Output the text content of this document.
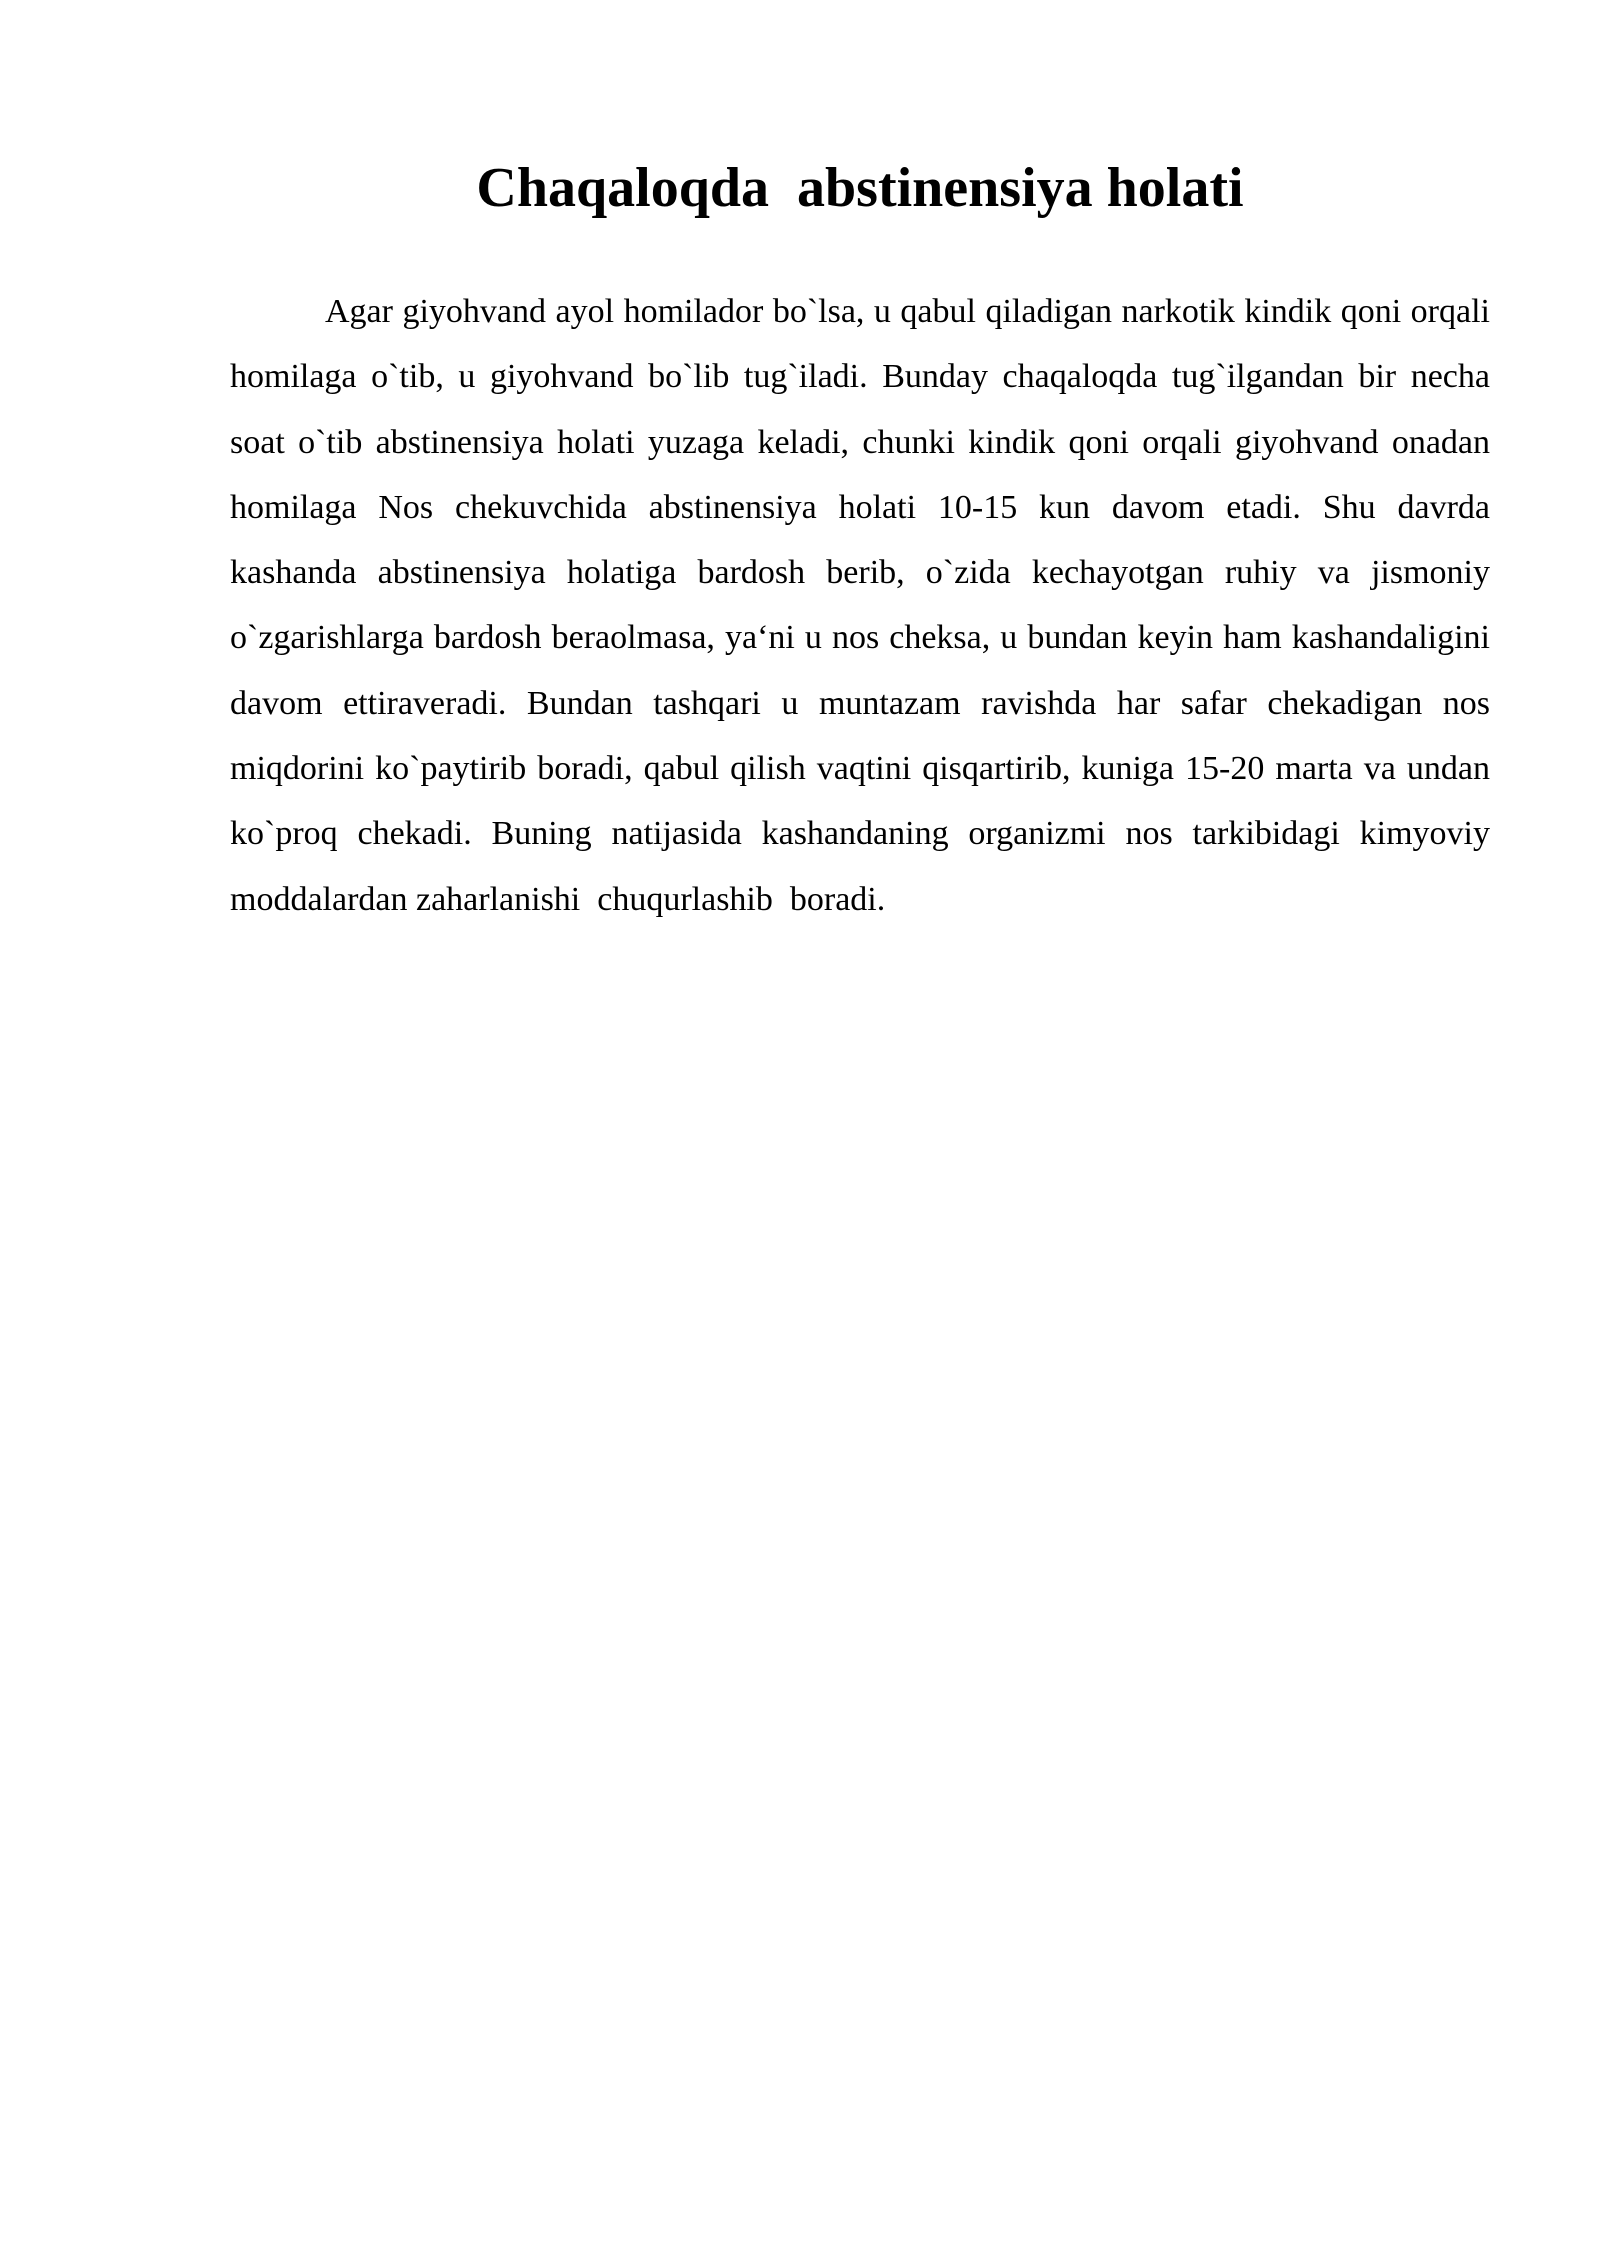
Chaqaloqda  abstinensiya holati

Agar giyohvand ayol homilador bo`lsa, u qabul qiladigan narkotik kindik qoni orqali homilaga o`tib, u giyohvand bo`lib tug`iladi. Bunday chaqaloqda tug`ilgandan bir necha soat o`tib abstinensiya holati yuzaga keladi, chunki kindik qoni orqali giyohvand onadan homilaga Nos chekuvchida abstinensiya holati 10-15 kun davom etadi. Shu davrda kashanda abstinensiya holatiga bardosh berib, o`zida kechayotgan ruhiy va jismoniy o`zgarishlarga bardosh beraolmasa, ya‘ni u nos cheksa, u bundan keyin ham kashandaligini davom ettiraveradi. Bundan tashqari u muntazam ravishda har safar chekadigan nos miqdorini ko`paytirib boradi, qabul qilish vaqtini qisqartirib, kuniga 15-20 marta va undan ko`proq chekadi. Buning natijasida kashandaning organizmi nos tarkibidagi kimyoviy moddalardan zaharlanishi  chuqurlashib  boradi.
